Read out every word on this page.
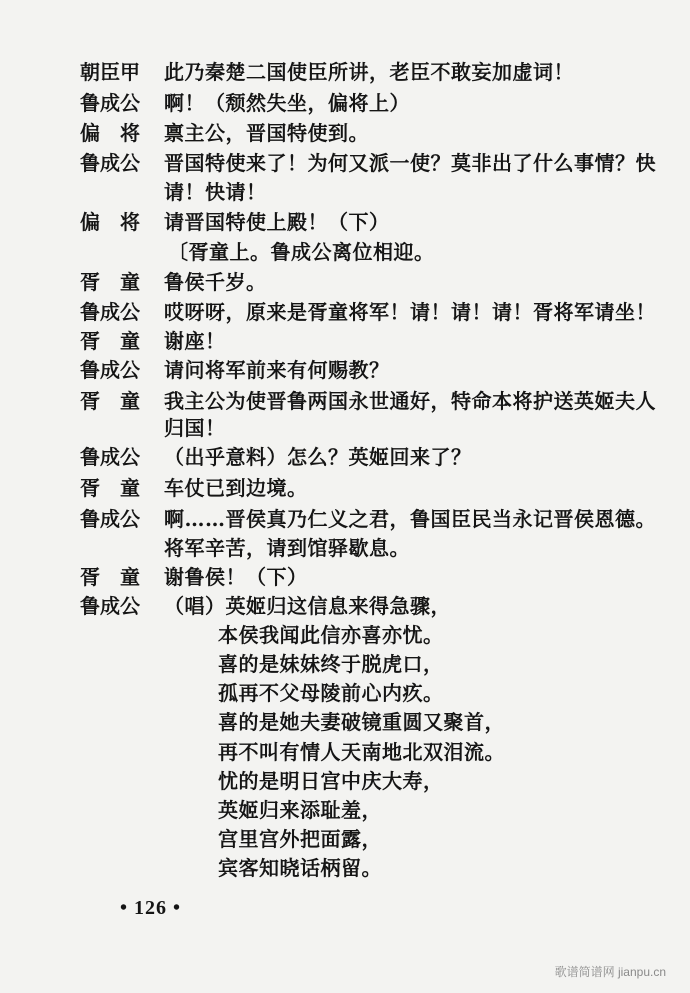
朝臣甲	此乃秦楚二国使臣所讲，老臣不敢妄加虚词！
鲁成公	啊！（颓然失坐，偏将上）
偏　将	禀主公，晋国特使到。
鲁成公	晋国特使来了！为何又派一使？莫非出了什么事情？快
请！快请！
偏　将	请晋国特使上殿！（下）
〔胥童上。鲁成公离位相迎。
胥　童	鲁侯千岁。
鲁成公	哎呀呀，原来是胥童将军！请！请！请！胥将军请坐！
胥　童	谢座！
鲁成公	请问将军前来有何赐教？
胥　童	我主公为使晋鲁两国永世通好，特命本将护送英姬夫人
归国！
鲁成公	（出乎意料）怎么？英姬回来了？
胥　童	车仗已到边境。
鲁成公	啊……晋侯真乃仁义之君，鲁国臣民当永记晋侯恩德。
将军辛苦，请到馆驿歇息。
胥　童	谢鲁侯！（下）
鲁成公	（唱）英姬归这信息来得急骤，
本侯我闻此信亦喜亦忧。
喜的是妹妹终于脱虎口，
孤再不父母陵前心内疚。
喜的是她夫妻破镜重圆又聚首，
再不叫有情人天南地北双泪流。
忧的是明日宫中庆大寿，
英姬归来添耻羞，
宫里宫外把面露，
宾客知晓话柄留。
• 126 •
歌谱简谱网 jianpu.cn
